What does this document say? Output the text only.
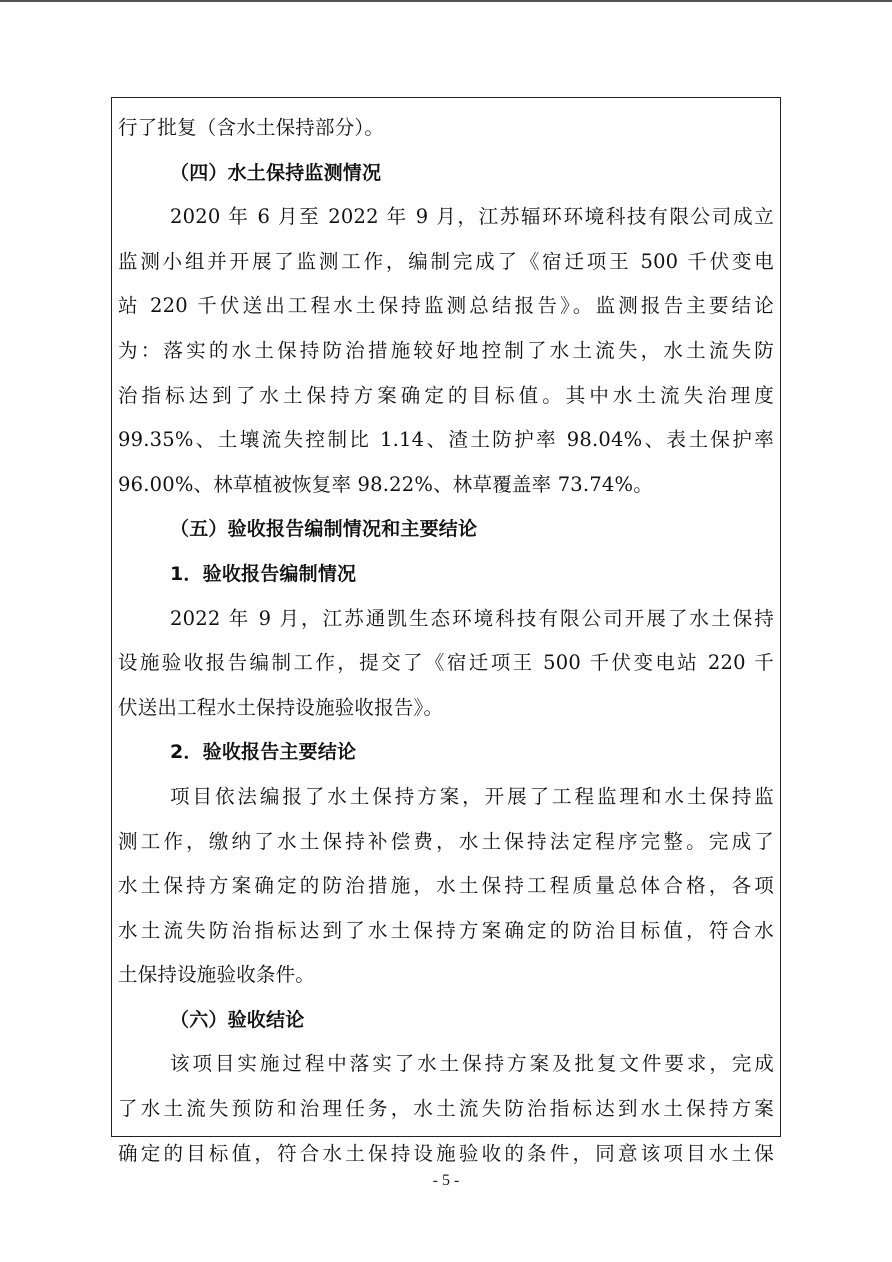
行了批复（含水土保持部分）。
（四）水土保持监测情况
2020 年 6 月至 2022 年 9 月，江苏辐环环境科技有限公司成立
监测小组并开展了监测工作，编制完成了《宿迁项王 500 千伏变电
站 220 千伏送出工程水土保持监测总结报告》。监测报告主要结论
为：落实的水土保持防治措施较好地控制了水土流失，水土流失防
治指标达到了水土保持方案确定的目标值。其中水土流失治理度
99.35%、土壤流失控制比 1.14、渣土防护率 98.04%、表土保护率
96.00%、林草植被恢复率 98.22%、林草覆盖率 73.74%。
（五）验收报告编制情况和主要结论
1．验收报告编制情况
2022 年 9 月，江苏通凯生态环境科技有限公司开展了水土保持
设施验收报告编制工作，提交了《宿迁项王 500 千伏变电站 220 千
伏送出工程水土保持设施验收报告》。
2．验收报告主要结论
项目依法编报了水土保持方案，开展了工程监理和水土保持监
测工作，缴纳了水土保持补偿费，水土保持法定程序完整。完成了
水土保持方案确定的防治措施，水土保持工程质量总体合格，各项
水土流失防治指标达到了水土保持方案确定的防治目标值，符合水
土保持设施验收条件。
（六）验收结论
该项目实施过程中落实了水土保持方案及批复文件要求，完成
了水土流失预防和治理任务，水土流失防治指标达到水土保持方案
确定的目标值，符合水土保持设施验收的条件，同意该项目水土保
- 5 -
